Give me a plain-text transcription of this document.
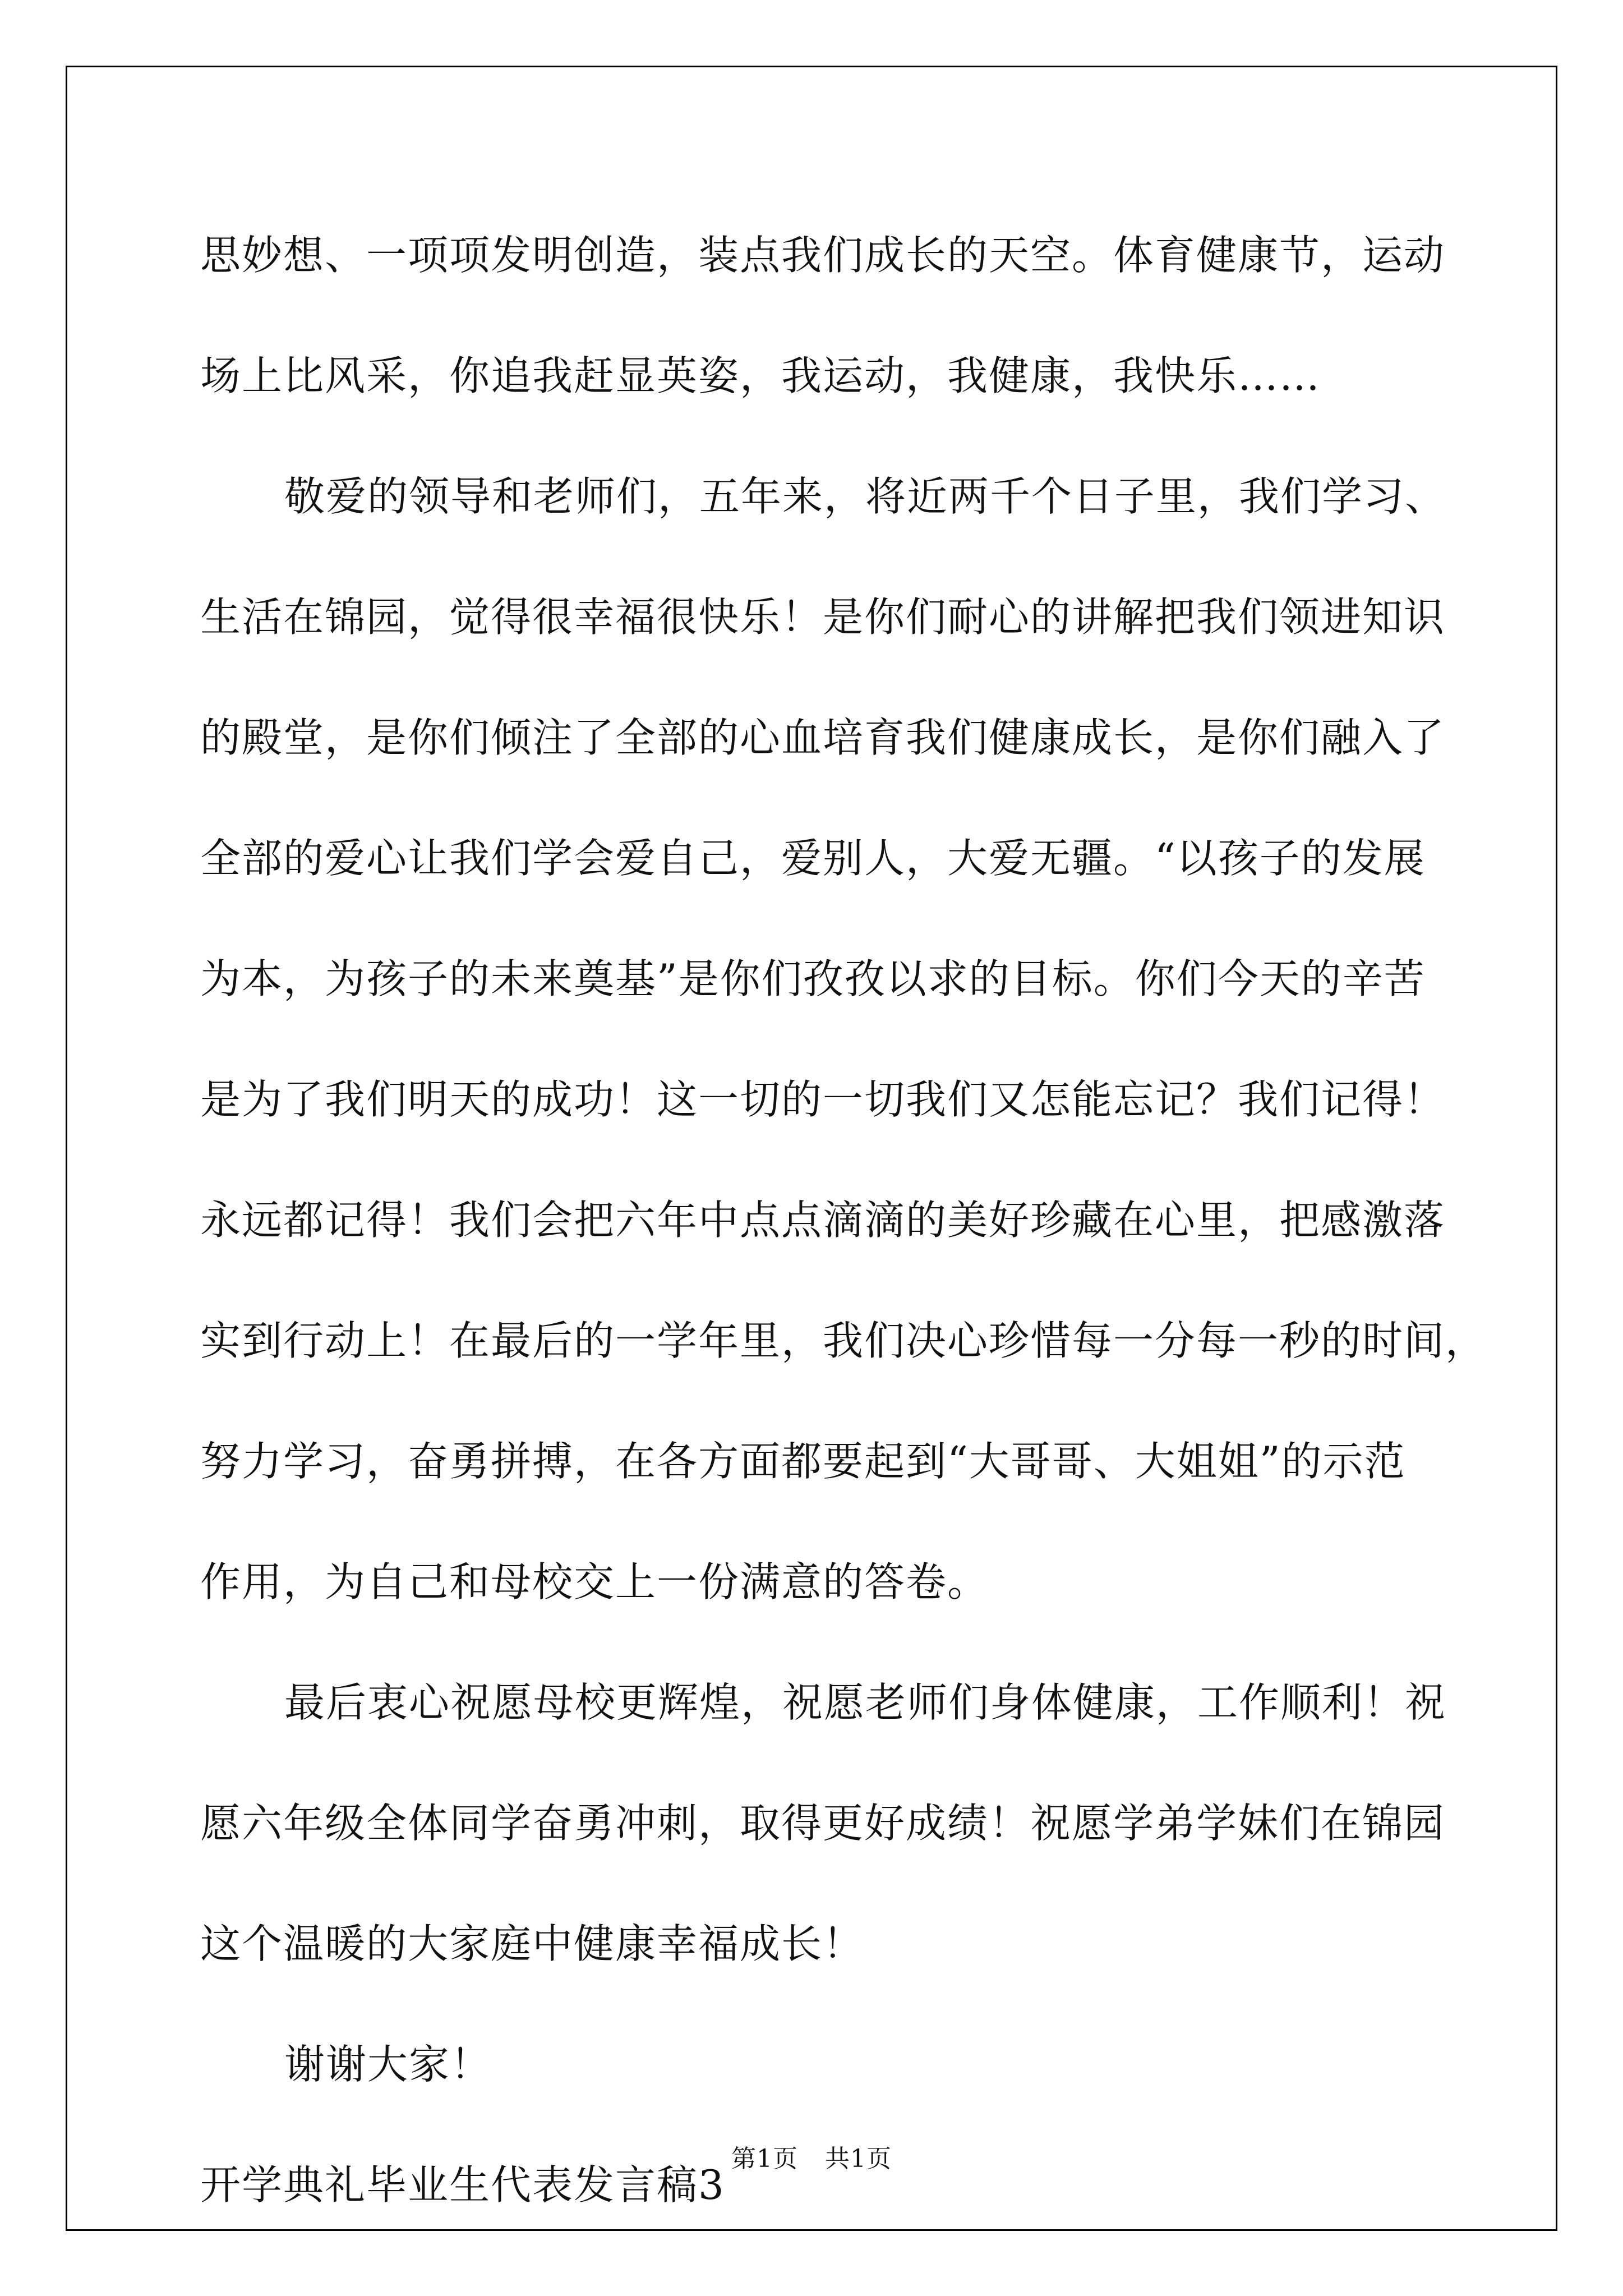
思妙想、一项项发明创造，装点我们成长的天空。体育健康节，运动
场上比风采，你追我赶显英姿，我运动，我健康，我快乐……
敬爱的领导和老师们，五年来，将近两千个日子里，我们学习、
生活在锦园，觉得很幸福很快乐！是你们耐心的讲解把我们领进知识
的殿堂，是你们倾注了全部的心血培育我们健康成长，是你们融入了
全部的爱心让我们学会爱自己，爱别人，大爱无疆。“以孩子的发展
为本，为孩子的未来奠基”是你们孜孜以求的目标。你们今天的辛苦
是为了我们明天的成功！这一切的一切我们又怎能忘记？我们记得！
永远都记得！我们会把六年中点点滴滴的美好珍藏在心里，把感激落
实到行动上！在最后的一学年里，我们决心珍惜每一分每一秒的时间，
努力学习，奋勇拼搏，在各方面都要起到“大哥哥、大姐姐”的示范
作用，为自己和母校交上一份满意的答卷。
最后衷心祝愿母校更辉煌，祝愿老师们身体健康，工作顺利！祝
愿六年级全体同学奋勇冲刺，取得更好成绩！祝愿学弟学妹们在锦园
这个温暖的大家庭中健康幸福成长！
谢谢大家！
开学典礼毕业生代表发言稿3
第1页 共1页
